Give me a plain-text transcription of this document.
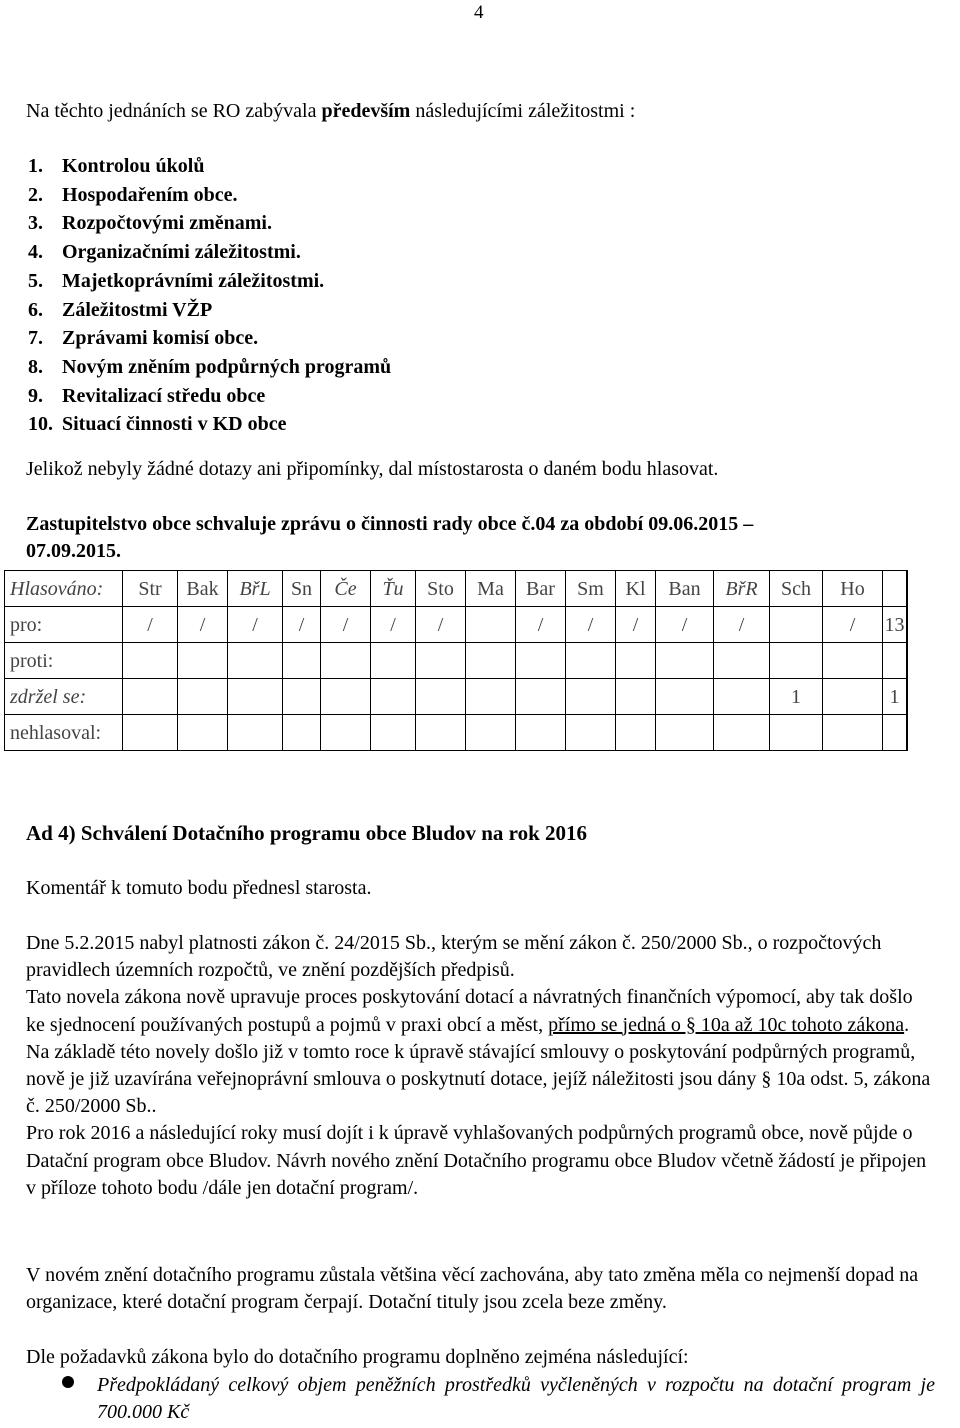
4
Na těchto jednáních se RO zabývala především následujícími záležitostmi :
1. Kontrolou úkolů
2. Hospodařením obce.
3. Rozpočtovými změnami.
4. Organizačními záležitostmi.
5. Majetkoprávními záležitostmi.
6. Záležitostmi VŽP
7. Zprávami komisí obce.
8. Novým zněním podpůrných programů
9. Revitalizací středu obce
10. Situací činnosti v KD obce
Jelikož nebyly žádné dotazy ani připomínky, dal místostarosta o daném bodu hlasovat.
Zastupitelstvo obce schvaluje zprávu o činnosti rady obce č.04 za období 09.06.2015 –
07.09.2015.
Hlasováno:	Str	Bak	BřL	Sn	Če	Ťu	Sto	Ma	Bar	Sm	Kl	Ban	BřR	Sch	Ho		
pro:	/	/	/	/	/	/	/		/	/	/	/	/		/	13	
proti:																	
zdržel se:														1		1	
nehlasoval:																	
Ad 4) Schválení Dotačního programu obce Bludov na rok 2016
Komentář k tomuto bodu přednesl starosta.
Dne 5.2.2015 nabyl platnosti zákon č. 24/2015 Sb., kterým se mění zákon č. 250/2000 Sb., o rozpočtových pravidlech územních rozpočtů, ve znění pozdějších předpisů.
Tato novela zákona nově upravuje proces poskytování dotací a návratných finančních výpomocí, aby tak došlo ke sjednocení používaných postupů a pojmů v praxi obcí a měst, přímo se jedná o § 10a až 10c tohoto zákona.
Na základě této novely došlo již v tomto roce k úpravě stávající smlouvy o poskytování podpůrných programů, nově je již uzavírána veřejnoprávní smlouva o poskytnutí dotace, jejíž náležitosti jsou dány § 10a odst. 5, zákona č. 250/2000 Sb..
Pro rok 2016 a následující roky musí dojít i k úpravě vyhlašovaných podpůrných programů obce, nově půjde o Datační program obce Bludov. Návrh nového znění Dotačního programu obce Bludov včetně žádostí je připojen v příloze tohoto bodu /dále jen dotační program/.
V novém znění dotačního programu zůstala většina věcí zachována, aby tato změna měla co nejmenší dopad na organizace, které dotační program čerpají. Dotační tituly jsou zcela beze změny.
Dle požadavků zákona bylo do dotačního programu doplněno zejména následující:
Předpokládaný celkový objem peněžních prostředků vyčleněných v rozpočtu na dotační program je 700.000 Kč
